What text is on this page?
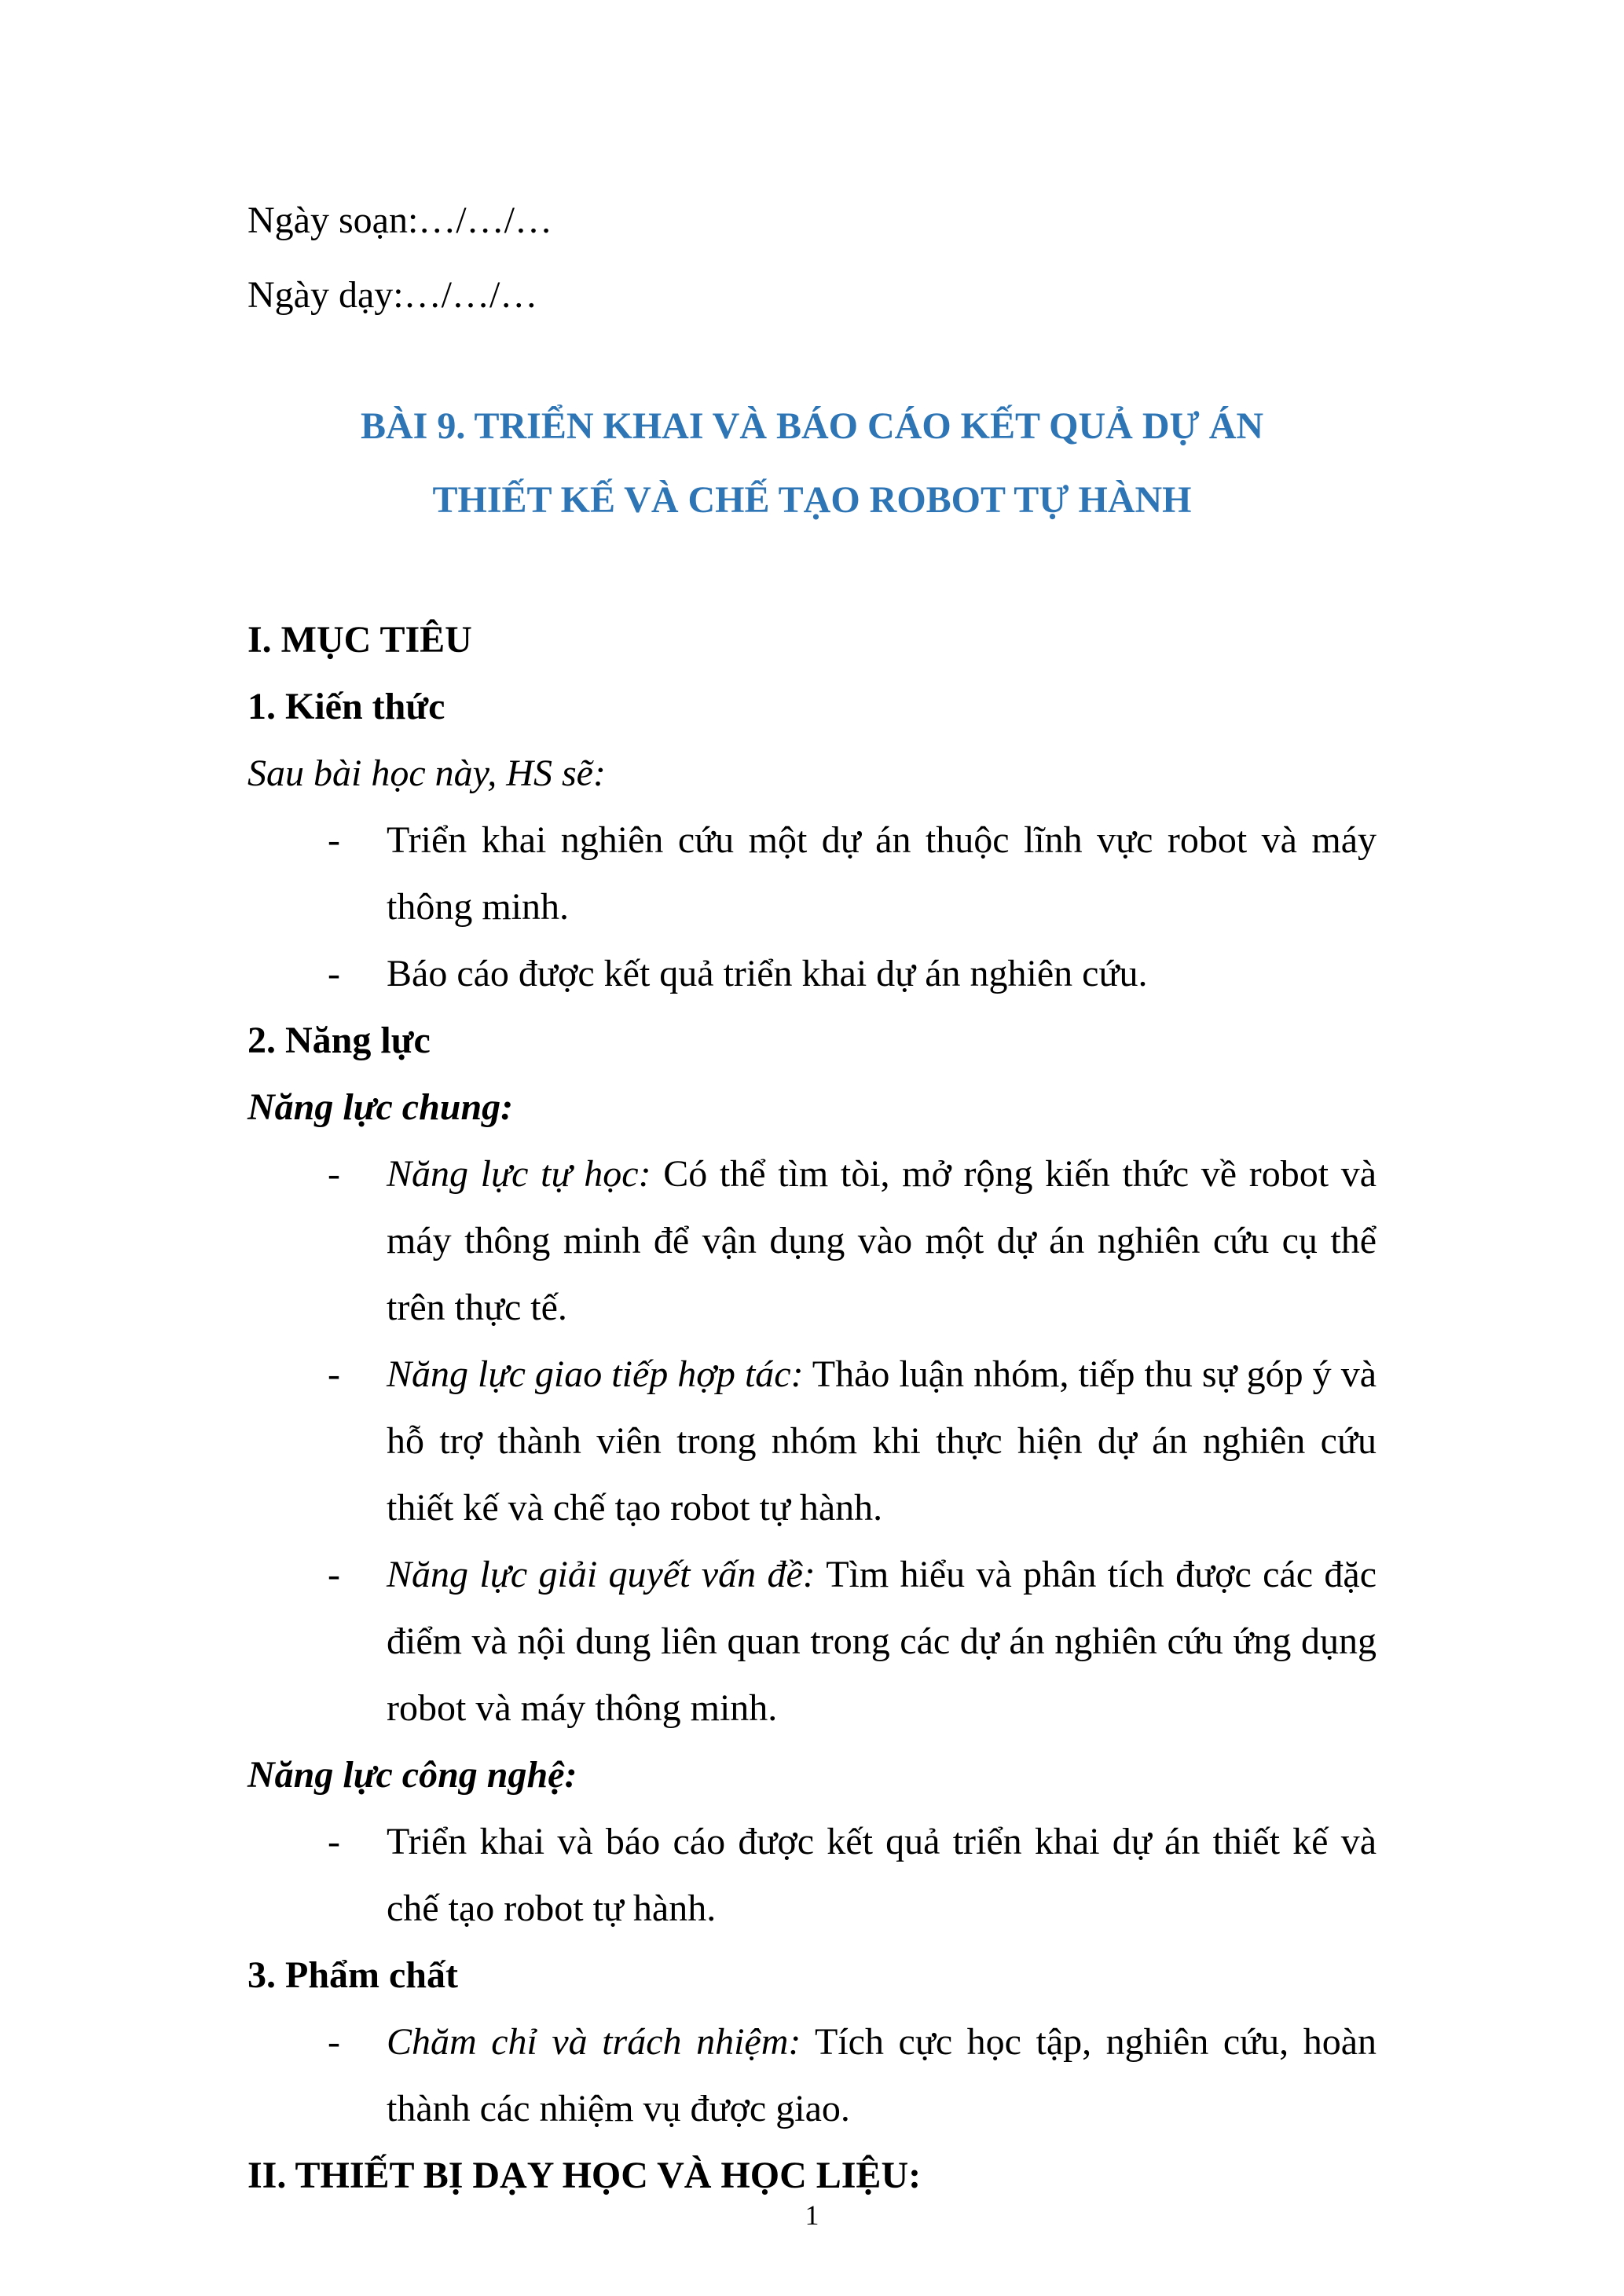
Ngày soạn:…/…/…
Ngày dạy:…/…/…
BÀI 9. TRIỂN KHAI VÀ BÁO CÁO KẾT QUẢ DỰ ÁN
THIẾT KẾ VÀ CHẾ TẠO ROBOT TỰ HÀNH
I. MỤC TIÊU
1. Kiến thức
Sau bài học này, HS sẽ:
- Triển khai nghiên cứu một dự án thuộc lĩnh vực robot và máy thông minh.
- Báo cáo được kết quả triển khai dự án nghiên cứu.
2. Năng lực
Năng lực chung:
- Năng lực tự học: Có thể tìm tòi, mở rộng kiến thức về robot và máy thông minh để vận dụng vào một dự án nghiên cứu cụ thể trên thực tế.
- Năng lực giao tiếp hợp tác: Thảo luận nhóm, tiếp thu sự góp ý và hỗ trợ thành viên trong nhóm khi thực hiện dự án nghiên cứu thiết kế và chế tạo robot tự hành.
- Năng lực giải quyết vấn đề: Tìm hiểu và phân tích được các đặc điểm và nội dung liên quan trong các dự án nghiên cứu ứng dụng robot và máy thông minh.
Năng lực công nghệ:
- Triển khai và báo cáo được kết quả triển khai dự án thiết kế và chế tạo robot tự hành.
3. Phẩm chất
- Chăm chỉ và trách nhiệm: Tích cực học tập, nghiên cứu, hoàn thành các nhiệm vụ được giao.
II. THIẾT BỊ DẠY HỌC VÀ HỌC LIỆU:
1
